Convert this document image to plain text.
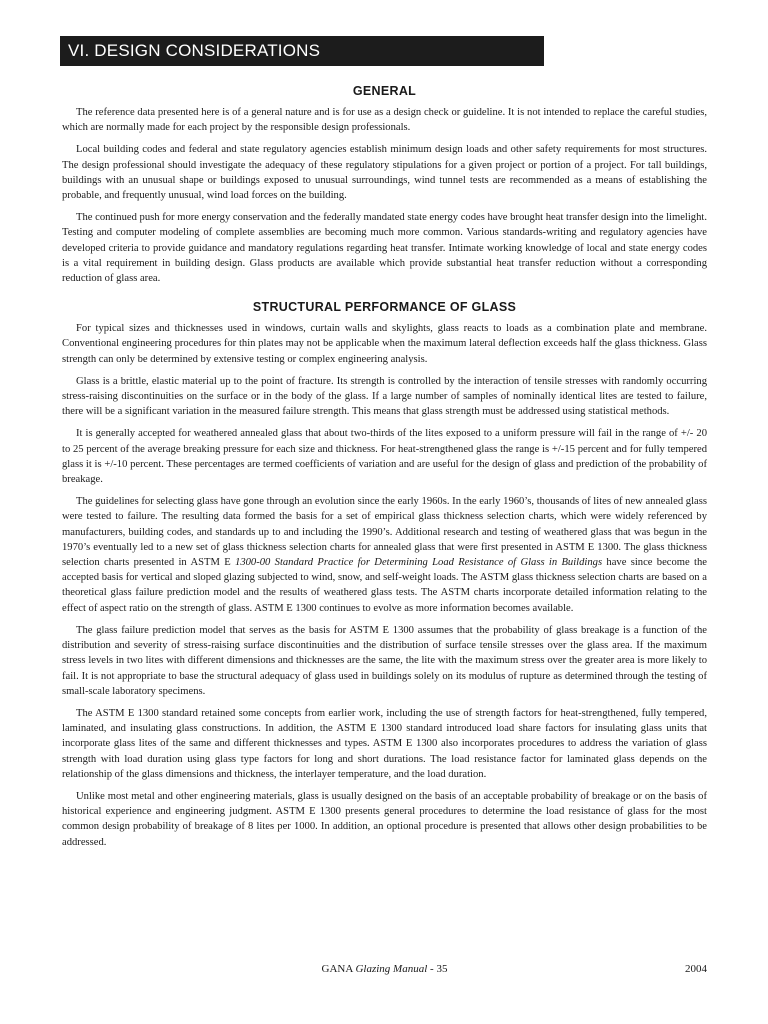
VI. DESIGN CONSIDERATIONS
GENERAL

The reference data presented here is of a general nature and is for use as a design check or guideline. It is not intended to replace the careful studies, which are normally made for each project by the responsible design professionals.

Local building codes and federal and state regulatory agencies establish minimum design loads and other safety requirements for most structures. The design professional should investigate the adequacy of these regulatory stipulations for a given project or portion of a project. For tall buildings, buildings with an unusual shape or buildings exposed to unusual surroundings, wind tunnel tests are recommended as a means of establishing the probable, and frequently unusual, wind load forces on the building.

The continued push for more energy conservation and the federally mandated state energy codes have brought heat transfer design into the limelight. Testing and computer modeling of complete assemblies are becoming much more common. Various standards-writing and regulatory agencies have developed criteria to provide guidance and mandatory regulations regarding heat transfer. Intimate working knowledge of local and state energy codes is a vital requirement in building design. Glass products are available which provide substantial heat transfer reduction without a corresponding reduction of glass area.

STRUCTURAL PERFORMANCE OF GLASS

For typical sizes and thicknesses used in windows, curtain walls and skylights, glass reacts to loads as a combination plate and membrane. Conventional engineering procedures for thin plates may not be applicable when the maximum lateral deflection exceeds half the glass thickness. Glass strength can only be determined by extensive testing or complex engineering analysis.

Glass is a brittle, elastic material up to the point of fracture. Its strength is controlled by the interaction of tensile stresses with randomly occurring stress-raising discontinuities on the surface or in the body of the glass. If a large number of samples of nominally identical lites are tested to failure, there will be a significant variation in the measured failure strength. This means that glass strength must be addressed using statistical methods.

It is generally accepted for weathered annealed glass that about two-thirds of the lites exposed to a uniform pressure will fail in the range of +/- 20 to 25 percent of the average breaking pressure for each size and thickness. For heat-strengthened glass the range is +/-15 percent and for fully tempered glass it is +/-10 percent. These percentages are termed coefficients of variation and are useful for the design of glass and prediction of the probability of breakage.

The guidelines for selecting glass have gone through an evolution since the early 1960s. In the early 1960’s, thousands of lites of new annealed glass were tested to failure. The resulting data formed the basis for a set of empirical glass thickness selection charts, which were widely referenced by manufacturers, building codes, and standards up to and including the 1990’s. Additional research and testing of weathered glass that was begun in the 1970’s eventually led to a new set of glass thickness selection charts for annealed glass that were first presented in ASTM E 1300. The glass thickness selection charts presented in ASTM E 1300-00 Standard Practice for Determining Load Resistance of Glass in Buildings have since become the accepted basis for vertical and sloped glazing subjected to wind, snow, and self-weight loads. The ASTM glass thickness selection charts are based on a theoretical glass failure prediction model and the results of weathered glass tests. The ASTM charts incorporate detailed information relating to the effect of aspect ratio on the strength of glass. ASTM E 1300 continues to evolve as more information becomes available.

The glass failure prediction model that serves as the basis for ASTM E 1300 assumes that the probability of glass breakage is a function of the distribution and severity of stress-raising surface discontinuities and the distribution of surface tensile stresses over the glass area. If the maximum stress levels in two lites with different dimensions and thicknesses are the same, the lite with the maximum stress over the greater area is more likely to fail. It is not appropriate to base the structural adequacy of glass used in buildings solely on its modulus of rupture as determined through the testing of small-scale laboratory specimens.

The ASTM E 1300 standard retained some concepts from earlier work, including the use of strength factors for heat-strengthened, fully tempered, laminated, and insulating glass constructions. In addition, the ASTM E 1300 standard introduced load share factors for insulating glass units that incorporate glass lites of the same and different thicknesses and types. ASTM E 1300 also incorporates procedures to address the variation of glass strength with load duration using glass type factors for long and short durations. The load resistance factor for laminated glass depends on the relationship of the glass dimensions and thickness, the interlayer temperature, and the load duration.

Unlike most metal and other engineering materials, glass is usually designed on the basis of an acceptable probability of breakage or on the basis of historical experience and engineering judgment. ASTM E 1300 presents general procedures to determine the load resistance of glass for the most common design probability of breakage of 8 lites per 1000. In addition, an optional procedure is presented that allows other design probabilities to be addressed.

GANA Glazing Manual - 35	2004
